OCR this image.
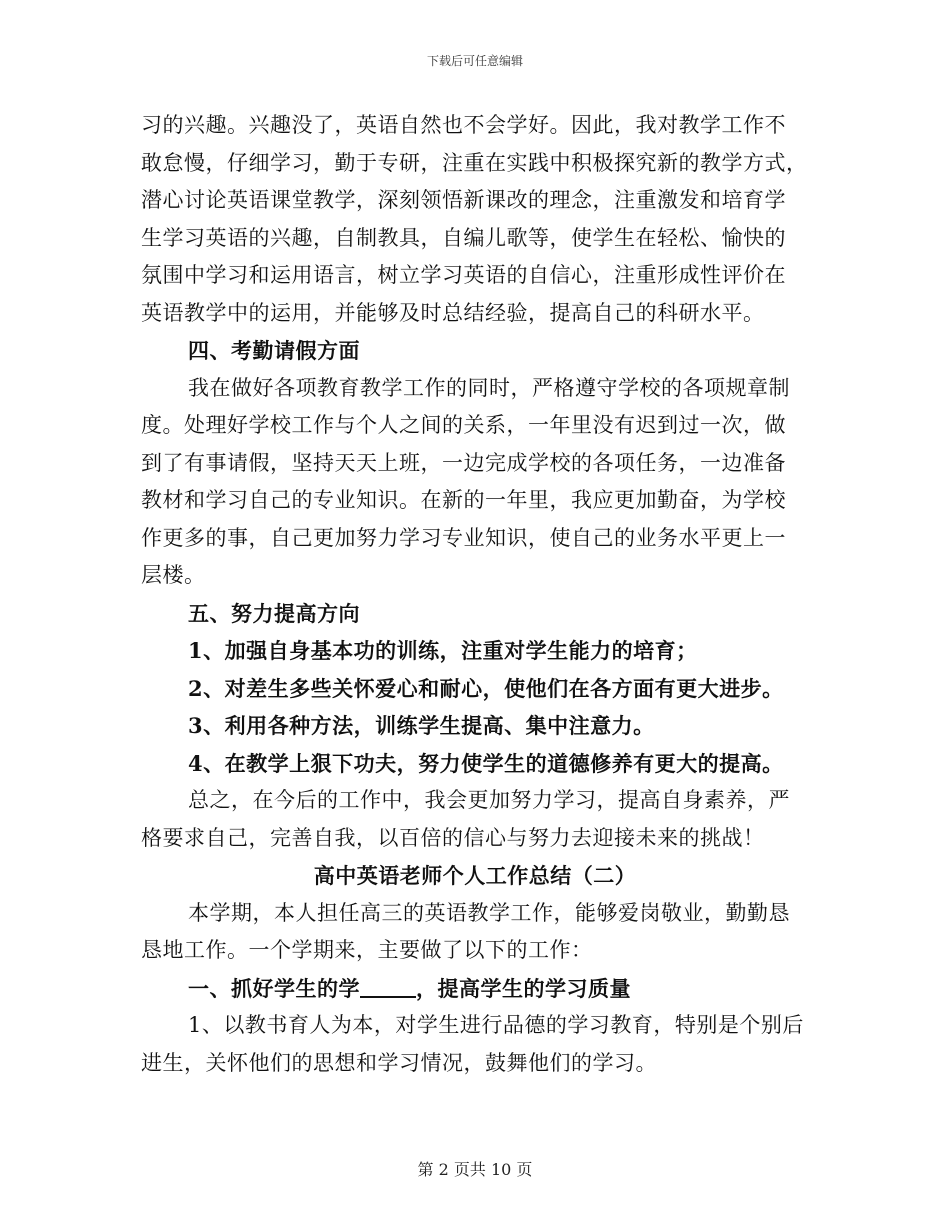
下载后可任意编辑
习的兴趣。兴趣没了，英语自然也不会学好。因此，我对教学工作不
敢怠慢，仔细学习，勤于专研，注重在实践中积极探究新的教学方式，
潜心讨论英语课堂教学，深刻领悟新课改的理念，注重激发和培育学
生学习英语的兴趣，自制教具，自编儿歌等，使学生在轻松、愉快的
氛围中学习和运用语言，树立学习英语的自信心，注重形成性评价在
英语教学中的运用，并能够及时总结经验，提高自己的科研水平。
四、考勤请假方面
我在做好各项教育教学工作的同时，严格遵守学校的各项规章制
度。处理好学校工作与个人之间的关系，一年里没有迟到过一次，做
到了有事请假，坚持天天上班，一边完成学校的各项任务，一边准备
教材和学习自己的专业知识。在新的一年里，我应更加勤奋，为学校
作更多的事，自己更加努力学习专业知识，使自己的业务水平更上一
层楼。
五、努力提高方向
1、加强自身基本功的训练，注重对学生能力的培育；
2、对差生多些关怀爱心和耐心，使他们在各方面有更大进步。
3、利用各种方法，训练学生提高、集中注意力。
4、在教学上狠下功夫，努力使学生的道德修养有更大的提高。
总之，在今后的工作中，我会更加努力学习，提高自身素养，严
格要求自己，完善自我，以百倍的信心与努力去迎接未来的挑战！
高中英语老师个人工作总结（二）
本学期，本人担任高三的英语教学工作，能够爱岗敬业，勤勤恳
恳地工作。一个学期来，主要做了以下的工作：
一、抓好学生的学	，提高学生的学习质量
1、以教书育人为本，对学生进行品德的学习教育，特别是个别后
进生，关怀他们的思想和学习情况，鼓舞他们的学习。
第 2 页共 10 页
